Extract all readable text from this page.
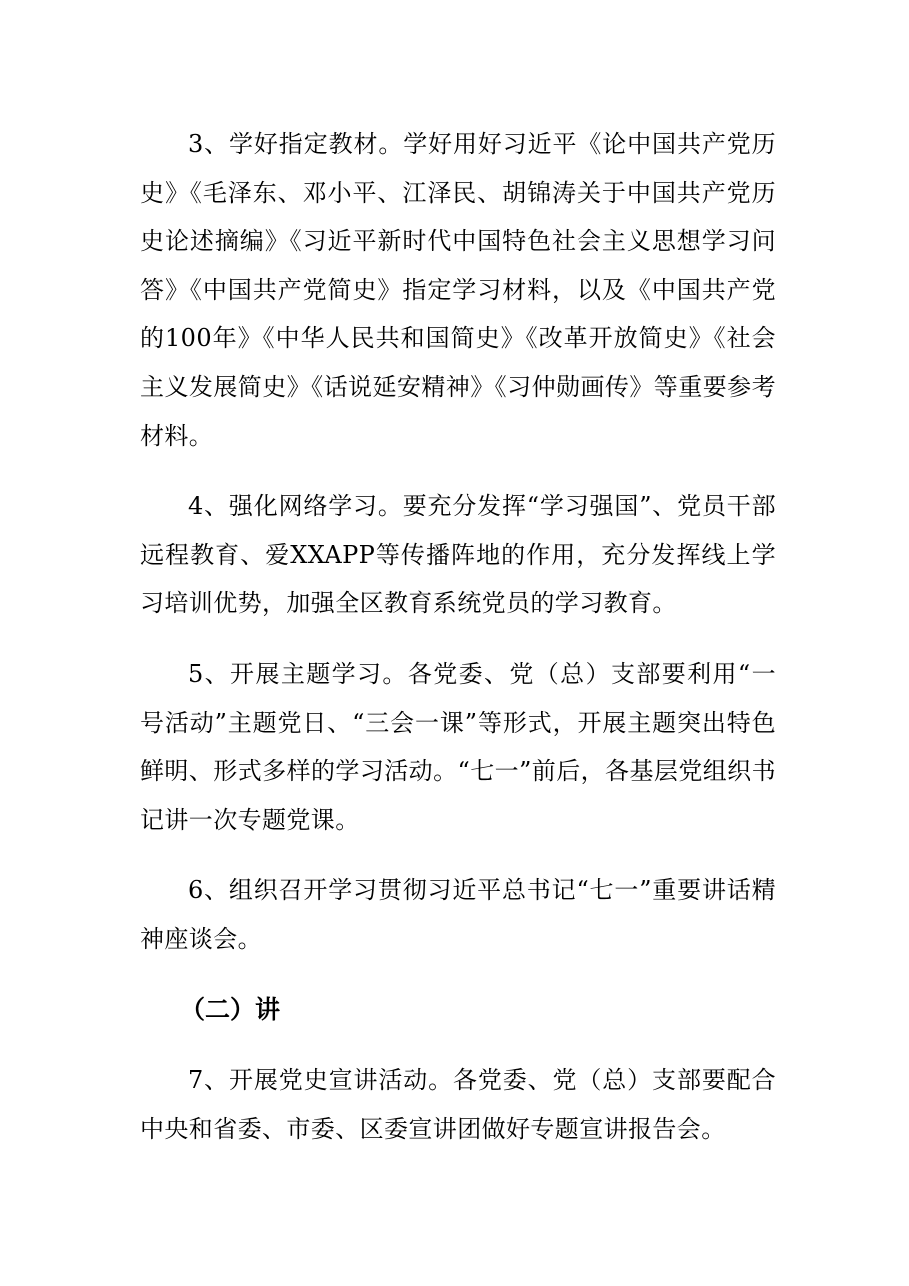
3、学好指定教材。学好用好习近平《论中国共产党历史》《毛泽东、邓小平、江泽民、胡锦涛关于中国共产党历史论述摘编》《习近平新时代中国特色社会主义思想学习问答》《中国共产党简史》指定学习材料，以及《中国共产党的100年》《中华人民共和国简史》《改革开放简史》《社会主义发展简史》《话说延安精神》《习仲勋画传》等重要参考材料。

4、强化网络学习。要充分发挥“学习强国”、党员干部远程教育、爱XXAPP等传播阵地的作用，充分发挥线上学习培训优势，加强全区教育系统党员的学习教育。

5、开展主题学习。各党委、党（总）支部要利用“一号活动”主题党日、“三会一课”等形式，开展主题突出特色鲜明、形式多样的学习活动。“七一”前后，各基层党组织书记讲一次专题党课。

6、组织召开学习贯彻习近平总书记“七一”重要讲话精神座谈会。

（二）讲

7、开展党史宣讲活动。各党委、党（总）支部要配合中央和省委、市委、区委宣讲团做好专题宣讲报告会。
